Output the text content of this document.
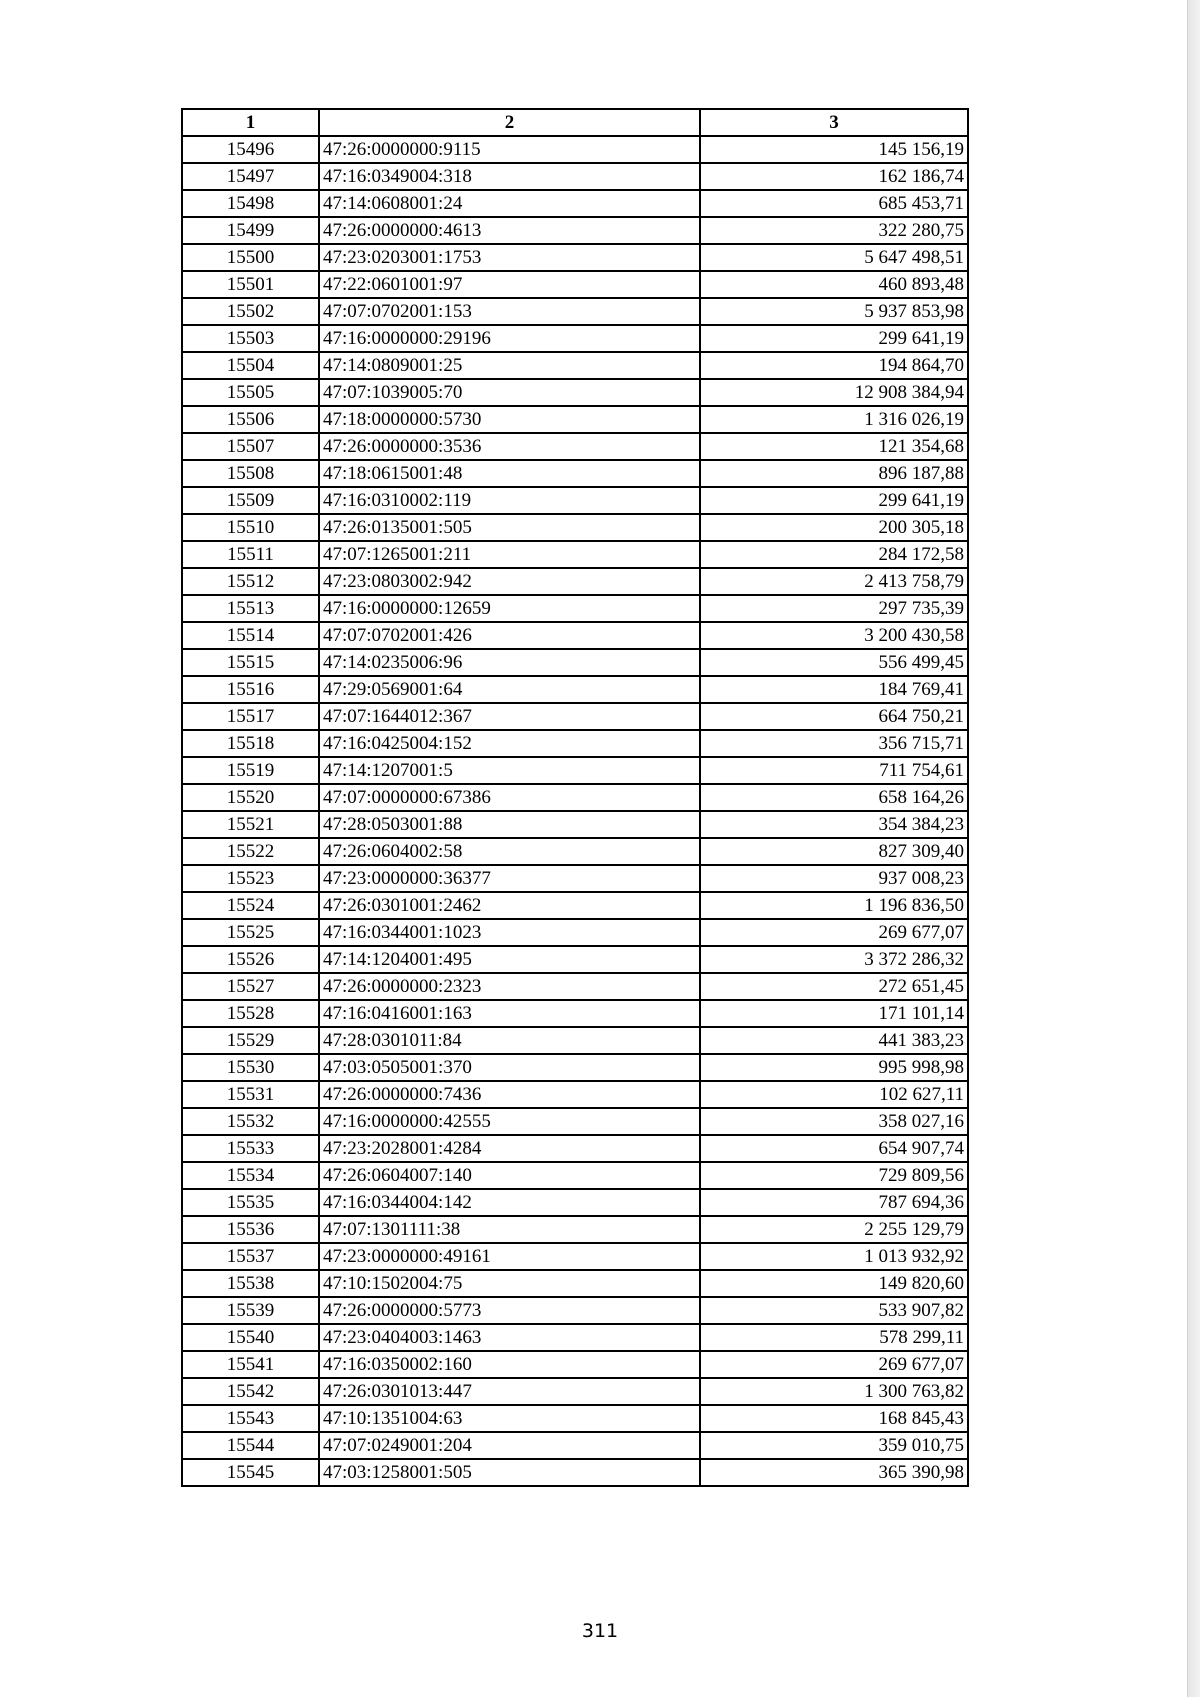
1	2	3
15496	47:26:0000000:9115	145 156,19
15497	47:16:0349004:318	162 186,74
15498	47:14:0608001:24	685 453,71
15499	47:26:0000000:4613	322 280,75
15500	47:23:0203001:1753	5 647 498,51
15501	47:22:0601001:97	460 893,48
15502	47:07:0702001:153	5 937 853,98
15503	47:16:0000000:29196	299 641,19
15504	47:14:0809001:25	194 864,70
15505	47:07:1039005:70	12 908 384,94
15506	47:18:0000000:5730	1 316 026,19
15507	47:26:0000000:3536	121 354,68
15508	47:18:0615001:48	896 187,88
15509	47:16:0310002:119	299 641,19
15510	47:26:0135001:505	200 305,18
15511	47:07:1265001:211	284 172,58
15512	47:23:0803002:942	2 413 758,79
15513	47:16:0000000:12659	297 735,39
15514	47:07:0702001:426	3 200 430,58
15515	47:14:0235006:96	556 499,45
15516	47:29:0569001:64	184 769,41
15517	47:07:1644012:367	664 750,21
15518	47:16:0425004:152	356 715,71
15519	47:14:1207001:5	711 754,61
15520	47:07:0000000:67386	658 164,26
15521	47:28:0503001:88	354 384,23
15522	47:26:0604002:58	827 309,40
15523	47:23:0000000:36377	937 008,23
15524	47:26:0301001:2462	1 196 836,50
15525	47:16:0344001:1023	269 677,07
15526	47:14:1204001:495	3 372 286,32
15527	47:26:0000000:2323	272 651,45
15528	47:16:0416001:163	171 101,14
15529	47:28:0301011:84	441 383,23
15530	47:03:0505001:370	995 998,98
15531	47:26:0000000:7436	102 627,11
15532	47:16:0000000:42555	358 027,16
15533	47:23:2028001:4284	654 907,74
15534	47:26:0604007:140	729 809,56
15535	47:16:0344004:142	787 694,36
15536	47:07:1301111:38	2 255 129,79
15537	47:23:0000000:49161	1 013 932,92
15538	47:10:1502004:75	149 820,60
15539	47:26:0000000:5773	533 907,82
15540	47:23:0404003:1463	578 299,11
15541	47:16:0350002:160	269 677,07
15542	47:26:0301013:447	1 300 763,82
15543	47:10:1351004:63	168 845,43
15544	47:07:0249001:204	359 010,75
15545	47:03:1258001:505	365 390,98
311
